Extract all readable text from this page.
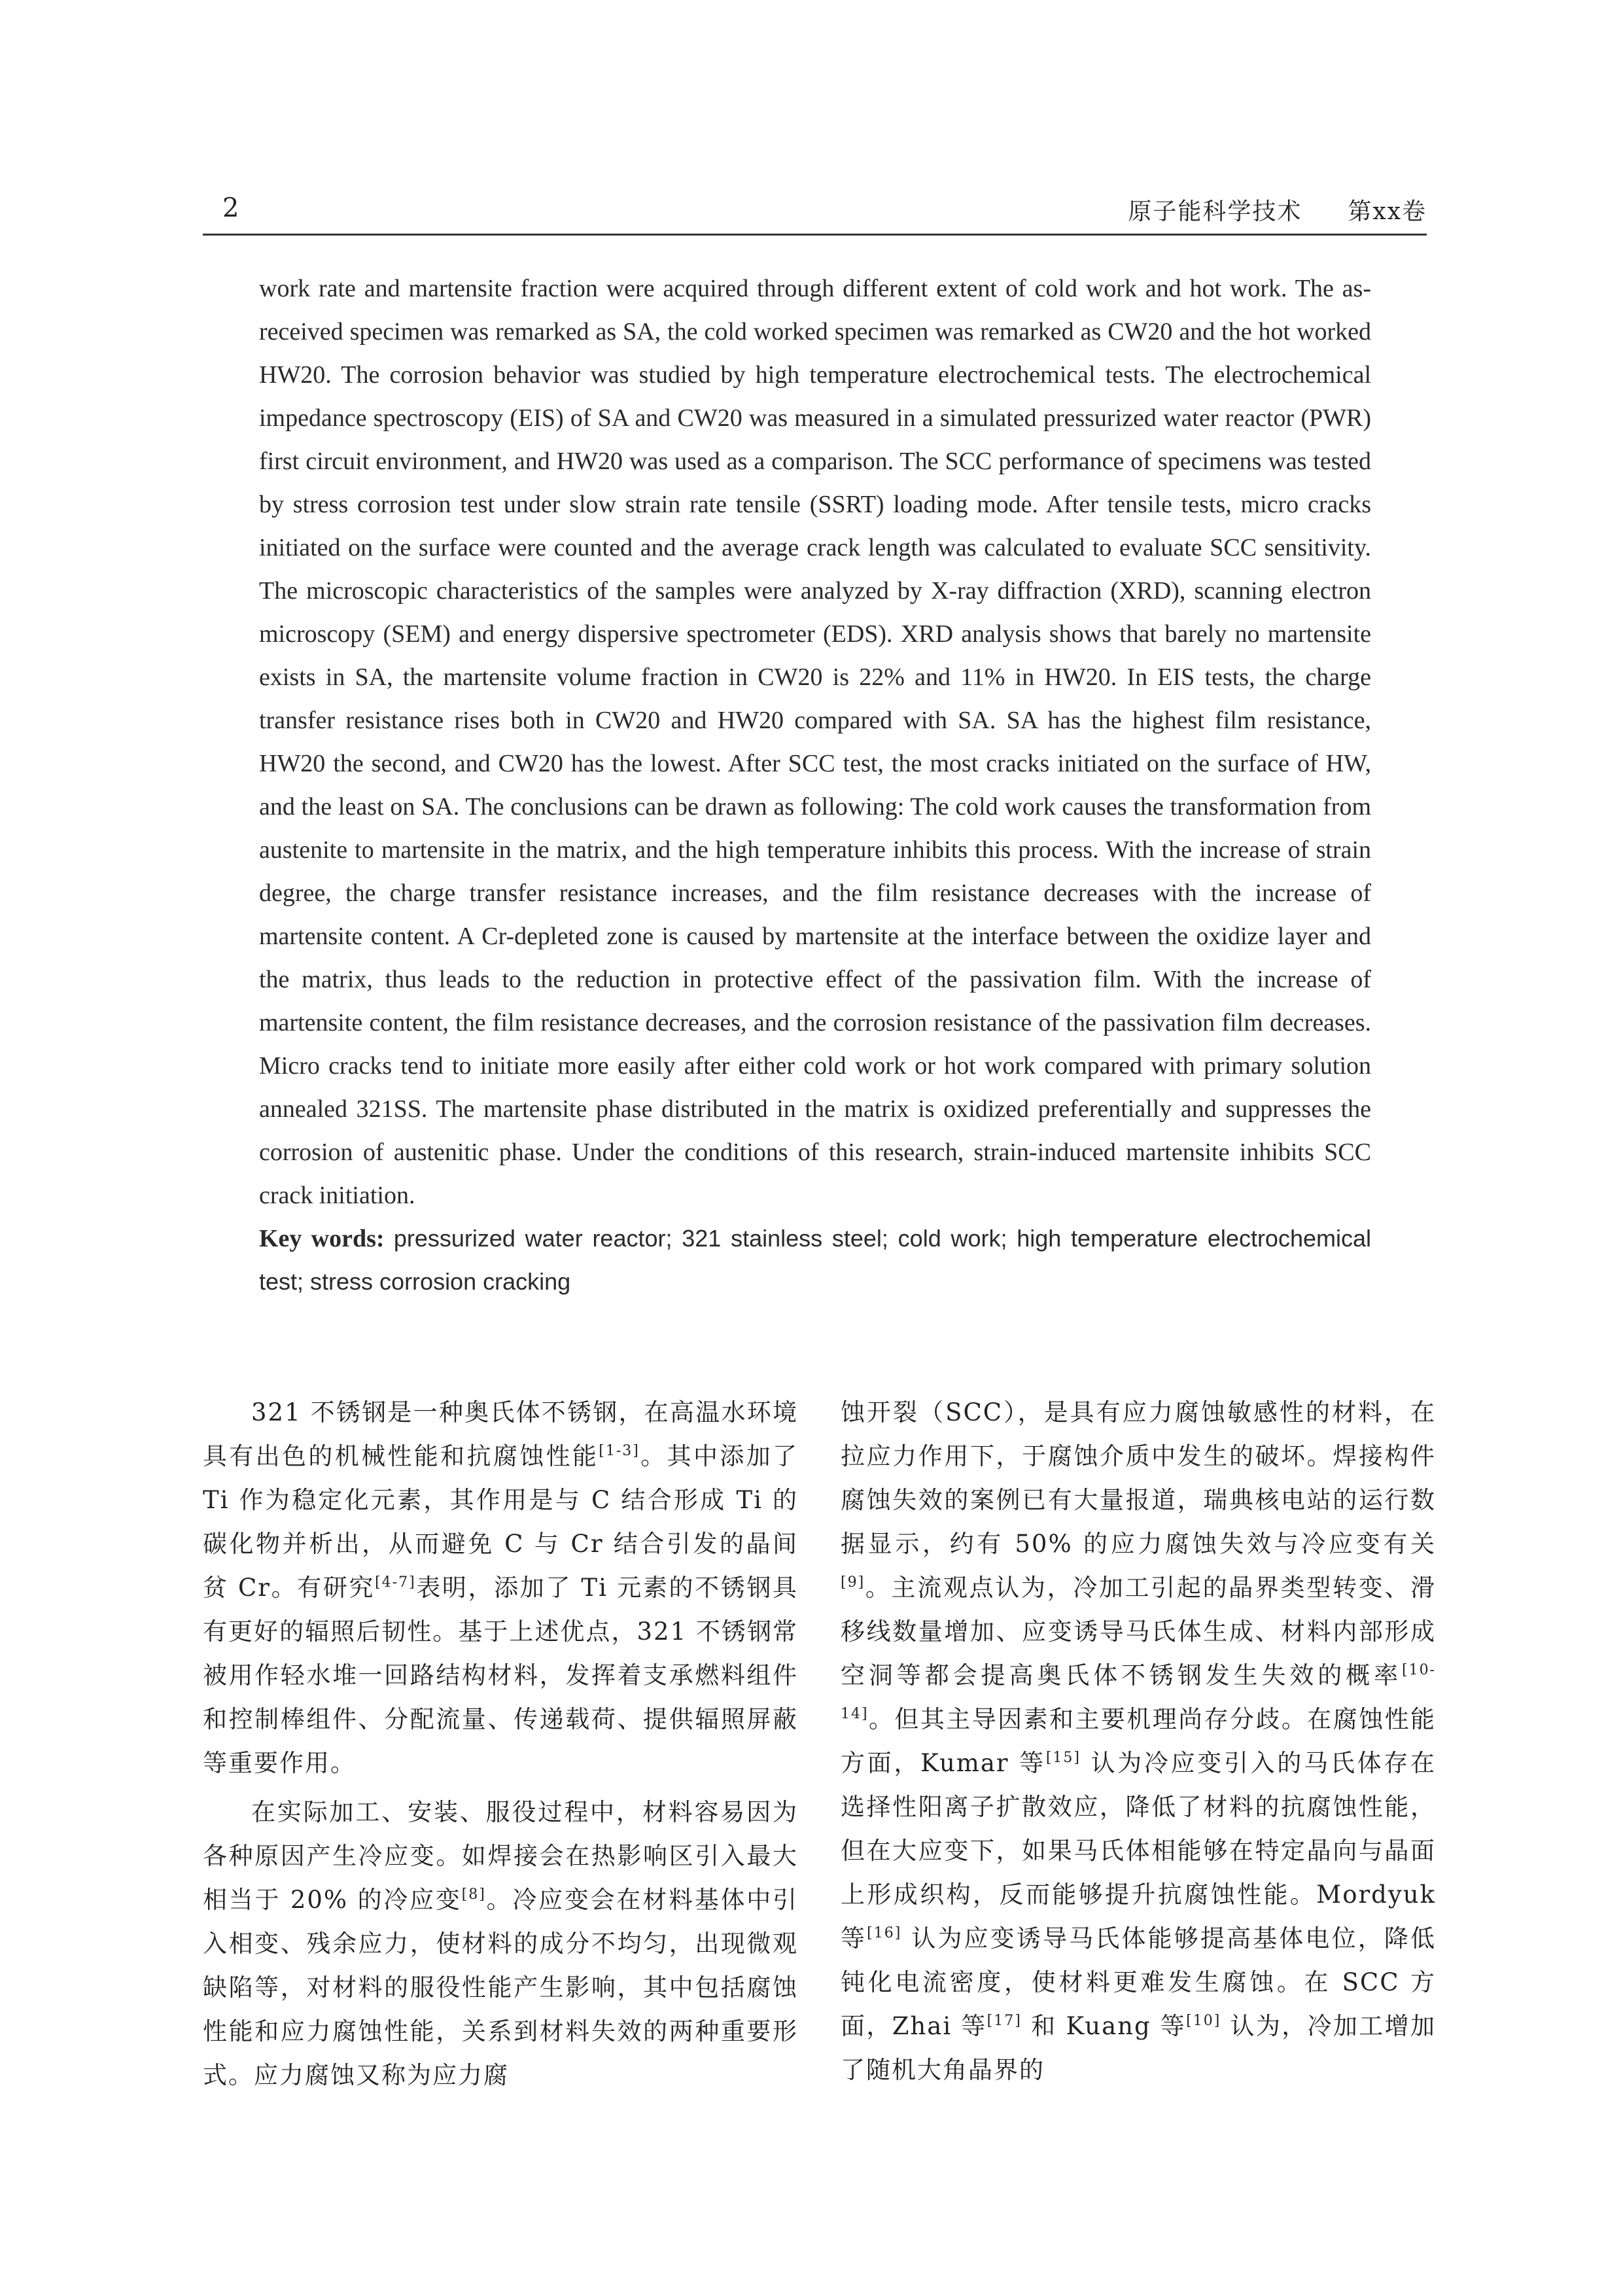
2	原子能科学技术 第xx卷

work rate and martensite fraction were acquired through different extent of cold work and hot work. The as-received specimen was remarked as SA, the cold worked specimen was remarked as CW20 and the hot worked HW20. The corrosion behavior was studied by high temperature electrochemical tests. The electrochemical impedance spectroscopy (EIS) of SA and CW20 was measured in a simulated pressurized water reactor (PWR) first circuit environment, and HW20 was used as a comparison. The SCC performance of specimens was tested by stress corrosion test under slow strain rate tensile (SSRT) loading mode. After tensile tests, micro cracks initiated on the surface were counted and the average crack length was calculated to evaluate SCC sensitivity. The microscopic characteristics of the samples were analyzed by X-ray diffraction (XRD), scanning electron microscopy (SEM) and energy dispersive spectrometer (EDS). XRD analysis shows that barely no martensite exists in SA, the martensite volume fraction in CW20 is 22% and 11% in HW20. In EIS tests, the charge transfer resistance rises both in CW20 and HW20 compared with SA. SA has the highest film resistance, HW20 the second, and CW20 has the lowest. After SCC test, the most cracks initiated on the surface of HW, and the least on SA. The conclusions can be drawn as following: The cold work causes the transformation from austenite to martensite in the matrix, and the high temperature inhibits this process. With the increase of strain degree, the charge transfer resistance increases, and the film resistance decreases with the increase of martensite content. A Cr-depleted zone is caused by martensite at the interface between the oxidize layer and the matrix, thus leads to the reduction in protective effect of the passivation film. With the increase of martensite content, the film resistance decreases, and the corrosion resistance of the passivation film decreases. Micro cracks tend to initiate more easily after either cold work or hot work compared with primary solution annealed 321SS. The martensite phase distributed in the matrix is oxidized preferentially and suppresses the corrosion of austenitic phase. Under the conditions of this research, strain-induced martensite inhibits SCC crack initiation.

Key words: pressurized water reactor; 321 stainless steel; cold work; high temperature electrochemical test; stress corrosion cracking

321 不锈钢是一种奥氏体不锈钢，在高温水环境具有出色的机械性能和抗腐蚀性能[1-3]。其中添加了 Ti 作为稳定化元素，其作用是与 C 结合形成 Ti 的碳化物并析出，从而避免 C 与 Cr 结合引发的晶间贫 Cr。有研究[4-7]表明，添加了 Ti 元素的不锈钢具有更好的辐照后韧性。基于上述优点，321 不锈钢常被用作轻水堆一回路结构材料，发挥着支承燃料组件和控制棒组件、分配流量、传递载荷、提供辐照屏蔽等重要作用。

在实际加工、安装、服役过程中，材料容易因为各种原因产生冷应变。如焊接会在热影响区引入最大相当于 20% 的冷应变[8]。冷应变会在材料基体中引入相变、残余应力，使材料的成分不均匀，出现微观缺陷等，对材料的服役性能产生影响，其中包括腐蚀性能和应力腐蚀性能，关系到材料失效的两种重要形式。应力腐蚀又称为应力腐

蚀开裂（SCC），是具有应力腐蚀敏感性的材料，在拉应力作用下，于腐蚀介质中发生的破坏。焊接构件腐蚀失效的案例已有大量报道，瑞典核电站的运行数据显示，约有 50% 的应力腐蚀失效与冷应变有关[9]。主流观点认为，冷加工引起的晶界类型转变、滑移线数量增加、应变诱导马氏体生成、材料内部形成空洞等都会提高奥氏体不锈钢发生失效的概率[10-14]。但其主导因素和主要机理尚存分歧。在腐蚀性能方面，Kumar 等[15] 认为冷应变引入的马氏体存在选择性阳离子扩散效应，降低了材料的抗腐蚀性能，但在大应变下，如果马氏体相能够在特定晶向与晶面上形成织构，反而能够提升抗腐蚀性能。Mordyuk 等[16] 认为应变诱导马氏体能够提高基体电位，降低钝化电流密度，使材料更难发生腐蚀。在 SCC 方面，Zhai 等[17] 和 Kuang 等[10] 认为，冷加工增加了随机大角晶界的
